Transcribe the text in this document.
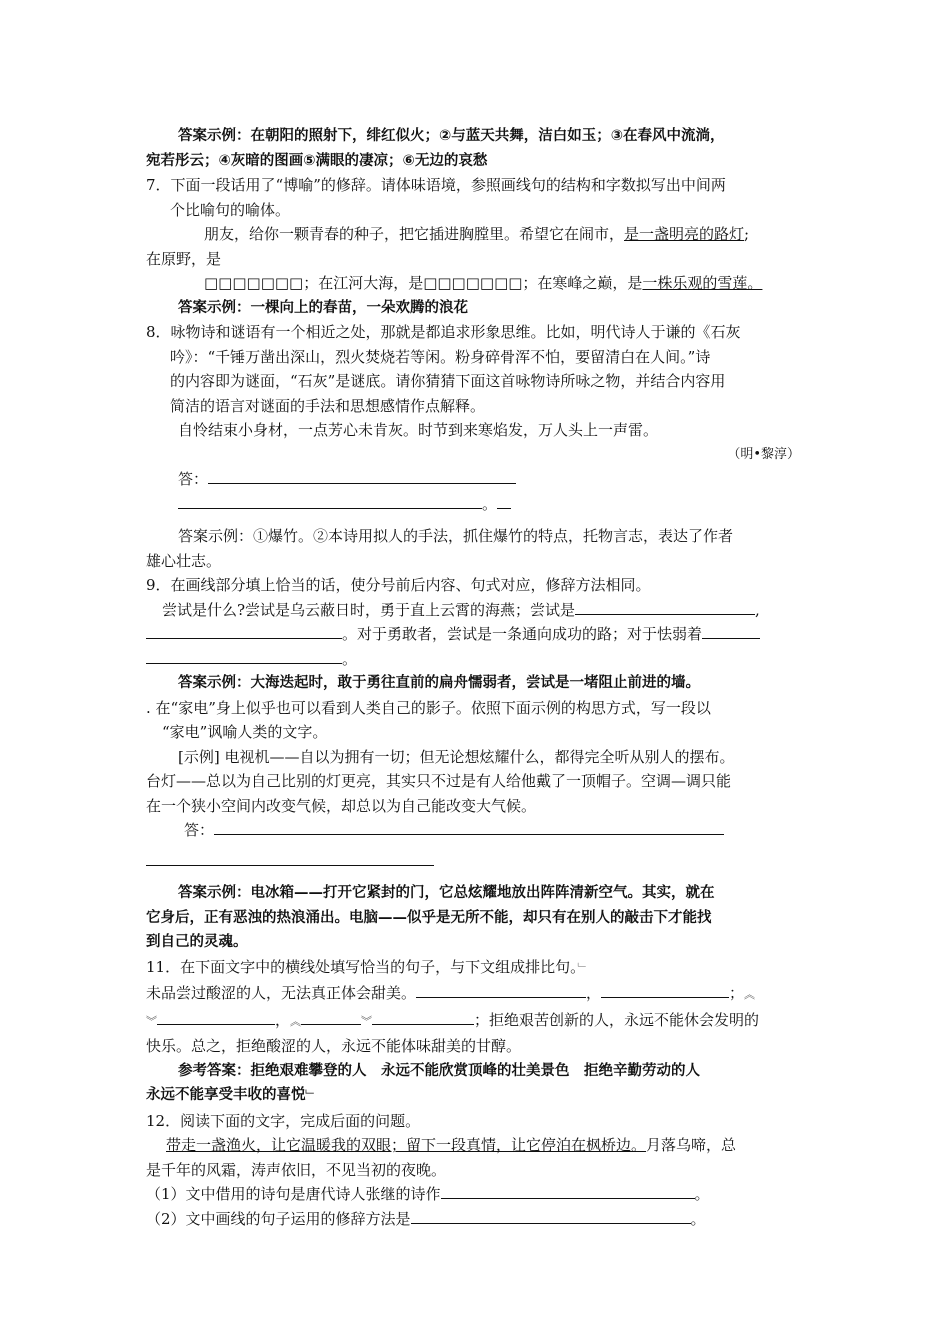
答案示例：在朝阳的照射下，绯红似火；②与蓝天共舞，洁白如玉；③在春风中流淌，

宛若彤云；④灰暗的图画⑤满眼的凄凉；⑥无边的哀愁

7．下面一段话用了“博喻”的修辞。请体味语境，参照画线句的结构和字数拟写出中间两

个比喻句的喻体。

朋友，给你一颗青春的种子，把它插进胸膛里。希望它在闹市，是一盏明亮的路灯;

在原野，是

□□□□□□□；在江河大海，是□□□□□□□；在寒峰之巅，是一株乐观的雪莲。

答案示例：一棵向上的春苗，一朵欢腾的浪花

8．咏物诗和谜语有一个相近之处，那就是都追求形象思维。比如，明代诗人于谦的《石灰

吟》：“千锤万凿出深山，烈火焚烧若等闲。粉身碎骨浑不怕，要留清白在人间。”诗

的内容即为谜面，“石灰”是谜底。请你猜猜下面这首咏物诗所咏之物，并结合内容用

简洁的语言对谜面的手法和思想感情作点解释。

自怜结束小身材，一点芳心未肯灰。时节到来寒焰发，万人头上一声雷。

（明•黎淳）

答：

。

答案示例：①爆竹。②本诗用拟人的手法，抓住爆竹的特点，托物言志，表达了作者

雄心壮志。

9．在画线部分填上恰当的话，使分号前后内容、句式对应，修辞方法相同。

尝试是什么?尝试是乌云蔽日时，勇于直上云霄的海燕；尝试是	,

。对于勇敢者，尝试是一条通向成功的路；对于怯弱着

。

答案示例：大海迭起时，敢于勇往直前的扁舟懦弱者，尝试是一堵阻止前进的墙。

. 在“家电”身上似乎也可以看到人类自己的影子。依照下面示例的构思方式，写一段以

“家电”讽喻人类的文字。

[示例] 电视机——自以为拥有一切；但无论想炫耀什么，都得完全听从别人的摆布。

台灯——总以为自己比别的灯更亮，其实只不过是有人给他戴了一顶帽子。空调—调只能

在一个狭小空间内改变气候，却总以为自己能改变大气候。

答：

答案示例：电冰箱——打开它紧封的门，它总炫耀地放出阵阵清新空气。其实，就在

它身后，正有恶浊的热浪涌出。电脑——似乎是无所不能，却只有在别人的敲击下才能找

到自己的灵魂。

11．在下面文字中的横线处填写恰当的句子，与下文组成排比句。﹂

未品尝过酸涩的人，无法真正体会甜美。	，	；︽

︾	，︽	︾	；拒绝艰苦创新的人，永远不能休会发明的

快乐。总之，拒绝酸涩的人，永远不能体味甜美的甘醇。

参考答案：拒绝艰难攀登的人　永远不能欣赏顶峰的壮美景色　拒绝辛勤劳动的人

永远不能享受丰收的喜悦﹂

12．阅读下面的文字，完成后面的问题。

带走一盏渔火，让它温暖我的双眼；留下一段真情，让它停泊在枫桥边。月落乌啼，总

是千年的风霜，涛声依旧，不见当初的夜晚。

（1）文中借用的诗句是唐代诗人张继的诗作	。

（2）文中画线的句子运用的修辞方法是	。
